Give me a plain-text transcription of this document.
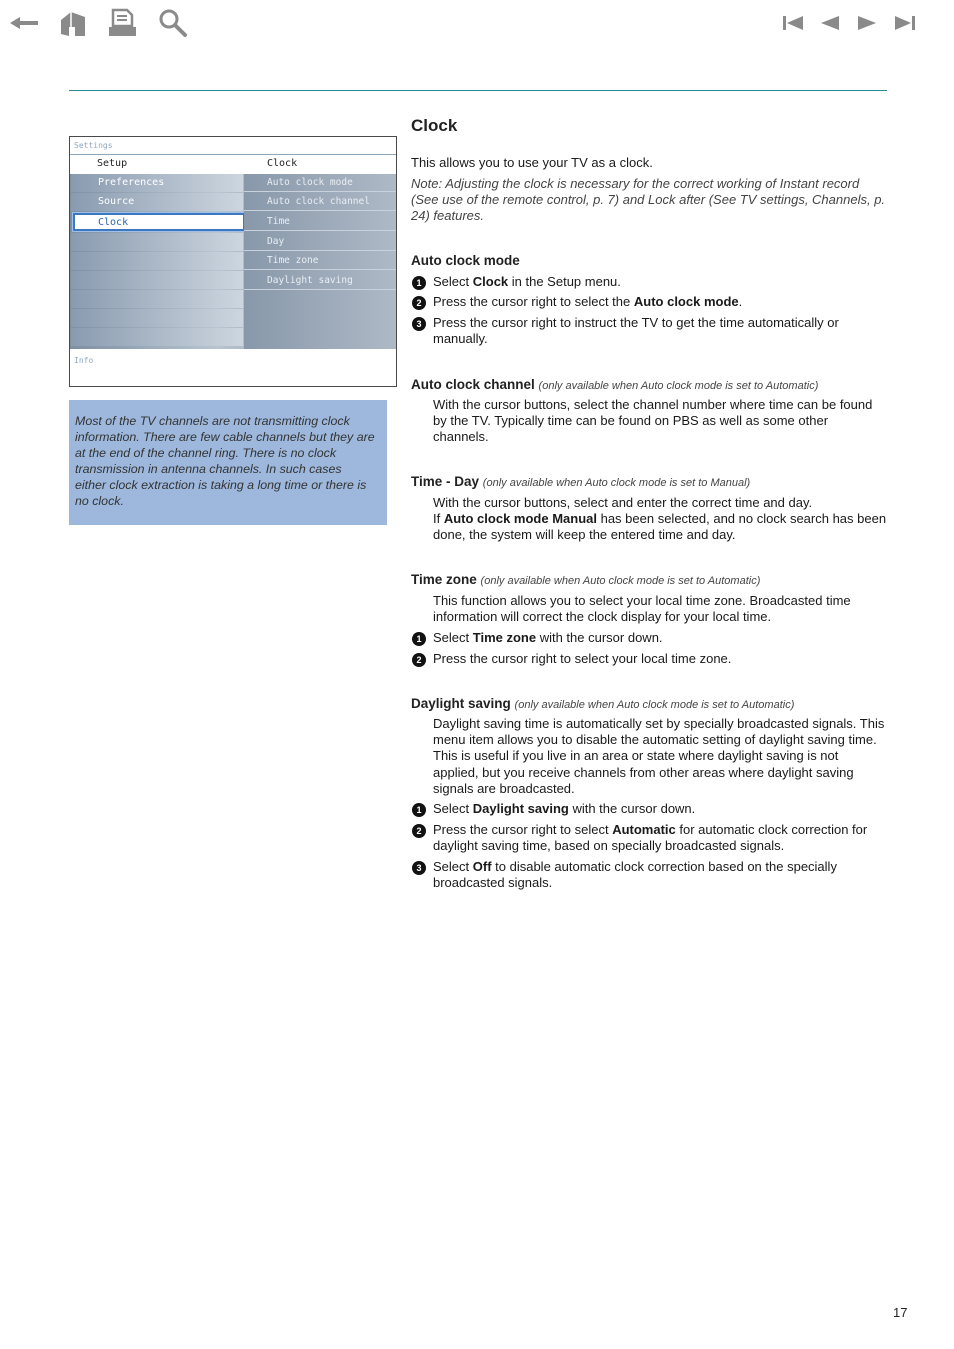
Settings
Setup	Clock
Preferences
Source
Clock
Auto clock mode
Auto clock channel
Time
Day
Time zone
Daylight saving
Info
Most of the TV channels are not transmitting clock information. There are few cable channels but they are at the end of the channel ring. There is no clock transmission in antenna channels. In such cases either clock extraction is taking a long time or there is no clock.
Clock
This allows you to use your TV as a clock.
Note: Adjusting the clock is necessary for the correct working of Instant record (See use of the remote control, p. 7) and Lock after (See TV settings, Channels, p. 24) features.
Auto clock mode
1 Select Clock in the Setup menu.
2 Press the cursor right to select the Auto clock mode.
3 Press the cursor right to instruct the TV to get the time automatically or manually.
Auto clock channel (only available when Auto clock mode is set to Automatic)
With the cursor buttons, select the channel number where time can be found by the TV. Typically time can be found on PBS as well as some other channels.
Time - Day (only available when Auto clock mode is set to Manual)
With the cursor buttons, select and enter the correct time and day.
If Auto clock mode Manual has been selected, and no clock search has been done, the system will keep the entered time and day.
Time zone (only available when Auto clock mode is set to Automatic)
This function allows you to select your local time zone. Broadcasted time information will correct the clock display for your local time.
1 Select Time zone with the cursor down.
2 Press the cursor right to select your local time zone.
Daylight saving (only available when Auto clock mode is set to Automatic)
Daylight saving time is automatically set by specially broadcasted signals. This menu item allows you to disable the automatic setting of daylight saving time. This is useful if you live in an area or state where daylight saving is not applied, but you receive channels from other areas where daylight saving signals are broadcasted.
1 Select Daylight saving with the cursor down.
2 Press the cursor right to select Automatic for automatic clock correction for daylight saving time, based on specially broadcasted signals.
3 Select Off to disable automatic clock correction based on the specially broadcasted signals.
17
